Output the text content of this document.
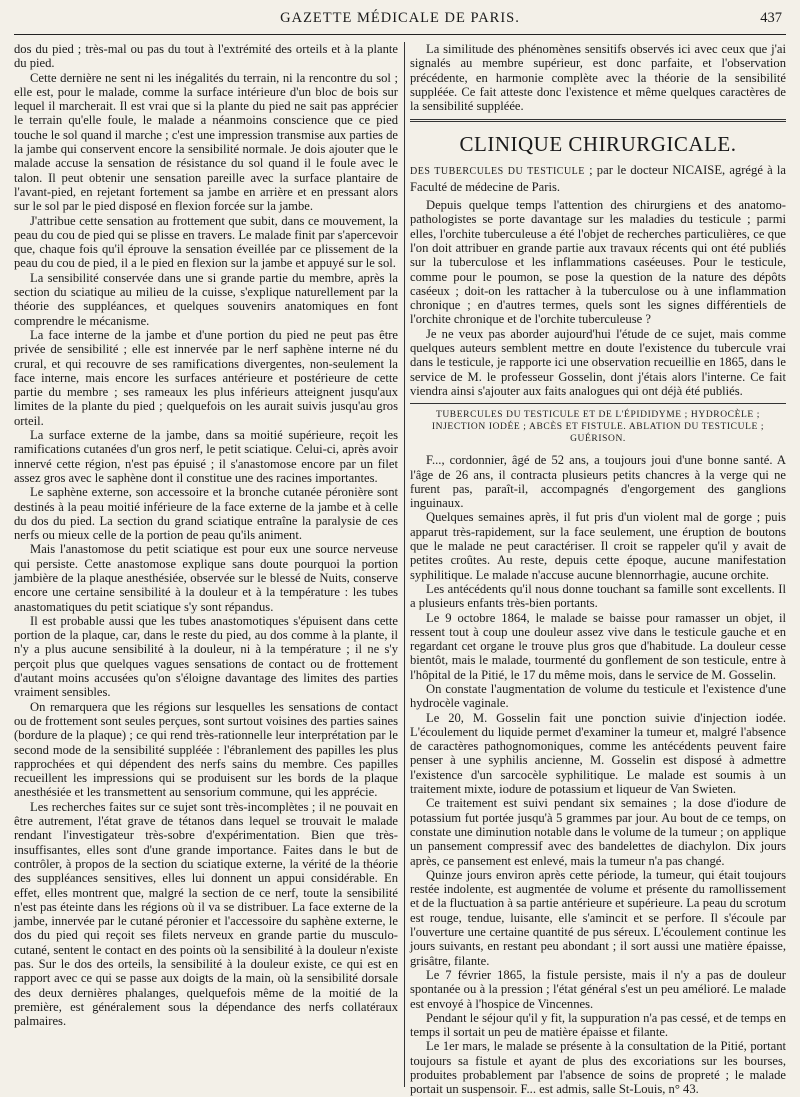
GAZETTE MÉDICALE DE PARIS.	437

dos du pied ; très-mal ou pas du tout à l'extrémité des orteils et à la plante du pied.

Cette dernière ne sent ni les inégalités du terrain, ni la rencontre du sol ; elle est, pour le malade, comme la surface intérieure d'un bloc de bois sur lequel il marcherait. Il est vrai que si la plante du pied ne sait pas apprécier le terrain qu'elle foule, le malade a néanmoins conscience que ce pied touche le sol quand il marche ; c'est une impression transmise aux parties de la jambe qui conservent encore la sensibilité normale. Je dois ajouter que le malade accuse la sensation de résistance du sol quand il le foule avec le talon. Il peut obtenir une sensation pareille avec la surface plantaire de l'avant-pied, en rejetant fortement sa jambe en arrière et en pressant alors sur le sol par le pied disposé en flexion forcée sur la jambe.

J'attribue cette sensation au frottement que subit, dans ce mouvement, la peau du cou de pied qui se plisse en travers. Le malade finit par s'apercevoir que, chaque fois qu'il éprouve la sensation éveillée par ce plissement de la peau du cou de pied, il a le pied en flexion sur la jambe et appuyé sur le sol.

La sensibilité conservée dans une si grande partie du membre, après la section du sciatique au milieu de la cuisse, s'explique naturellement par la théorie des suppléances, et quelques souvenirs anatomiques en font comprendre le mécanisme.

La face interne de la jambe et d'une portion du pied ne peut pas être privée de sensibilité ; elle est innervée par le nerf saphène interne né du crural, et qui recouvre de ses ramifications divergentes, non-seulement la face interne, mais encore les surfaces antérieure et postérieure de cette partie du membre ; ses rameaux les plus inférieurs atteignent jusqu'aux limites de la plante du pied ; quelquefois on les aurait suivis jusqu'au gros orteil.

La surface externe de la jambe, dans sa moitié supérieure, reçoit les ramifications cutanées d'un gros nerf, le petit sciatique. Celui-ci, après avoir innervé cette région, n'est pas épuisé ; il s'anastomose encore par un filet assez gros avec le saphène dont il constitue une des racines importantes.

Le saphène externe, son accessoire et la bronche cutanée péronière sont destinés à la peau moitié inférieure de la face externe de la jambe et à celle du dos du pied. La section du grand sciatique entraîne la paralysie de ces nerfs ou mieux celle de la portion de peau qu'ils animent.

Mais l'anastomose du petit sciatique est pour eux une source nerveuse qui persiste. Cette anastomose explique sans doute pourquoi la portion jambière de la plaque anesthésiée, observée sur le blessé de Nuits, conserve encore une certaine sensibilité à la douleur et à la température : les tubes anastomatiques du petit sciatique s'y sont répandus.

Il est probable aussi que les tubes anastomotiques s'épuisent dans cette portion de la plaque, car, dans le reste du pied, au dos comme à la plante, il n'y a plus aucune sensibilité à la douleur, ni à la température ; il ne s'y perçoit plus que quelques vagues sensations de contact ou de frottement d'autant moins accusées qu'on s'éloigne davantage des limites des parties vraiment sensibles.

On remarquera que les régions sur lesquelles les sensations de contact ou de frottement sont seules perçues, sont surtout voisines des parties saines (bordure de la plaque) ; ce qui rend très-rationnelle leur interprétation par le second mode de la sensibilité suppléée : l'ébranlement des papilles les plus rapprochées et qui dépendent des nerfs sains du membre. Ces papilles recueillent les impressions qui se produisent sur les bords de la plaque anesthésiée et les transmettent au sensorium commune, qui les apprécie.

Les recherches faites sur ce sujet sont très-incomplètes ; il ne pouvait en être autrement, l'état grave de tétanos dans lequel se trouvait le malade rendant l'investigateur très-sobre d'expérimentation. Bien que très-insuffisantes, elles sont d'une grande importance. Faites dans le but de contrôler, à propos de la section du sciatique externe, la vérité de la théorie des suppléances sensitives, elles lui donnent un appui considérable. En effet, elles montrent que, malgré la section de ce nerf, toute la sensibilité n'est pas éteinte dans les régions où il va se distribuer. La face externe de la jambe, innervée par le cutané péronier et l'accessoire du saphène externe, le dos du pied qui reçoit ses filets nerveux en grande partie du musculo-cutané, sentent le contact en des points où la sensibilité à la douleur n'existe pas. Sur le dos des orteils, la sensibilité à la douleur existe, ce qui est en rapport avec ce qui se passe aux doigts de la main, où la sensibilité dorsale des deux dernières phalanges, quelquefois même de la moitié de la première, est généralement sous la dépendance des nerfs collatéraux palmaires.

La similitude des phénomènes sensitifs observés ici avec ceux que j'ai signalés au membre supérieur, est donc parfaite, et l'observation précédente, en harmonie complète avec la théorie de la sensibilité suppléée. Ce fait atteste donc l'existence et même quelques caractères de la sensibilité suppléée.

CLINIQUE CHIRURGICALE.

DES TUBERCULES DU TESTICULE ; par le docteur NICAISE, agrégé à la Faculté de médecine de Paris.

Depuis quelque temps l'attention des chirurgiens et des anatomo-pathologistes se porte davantage sur les maladies du testicule ; parmi elles, l'orchite tuberculeuse a été l'objet de recherches particulières, ce que l'on doit attribuer en grande partie aux travaux récents qui ont été publiés sur la tuberculose et les inflammations caséeuses. Pour le testicule, comme pour le poumon, se pose la question de la nature des dépôts caséeux ; doit-on les rattacher à la tuberculose ou à une inflammation chronique ; en d'autres termes, quels sont les signes différentiels de l'orchite chronique et de l'orchite tuberculeuse ?

Je ne veux pas aborder aujourd'hui l'étude de ce sujet, mais comme quelques auteurs semblent mettre en doute l'existence du tubercule vrai dans le testicule, je rapporte ici une observation recueillie en 1865, dans le service de M. le professeur Gosselin, dont j'étais alors l'interne. Ce fait viendra ainsi s'ajouter aux faits analogues qui ont déjà été publiés.

TUBERCULES DU TESTICULE ET DE L'ÉPIDIDYME ; HYDROCÈLE ; INJECTION IODÉE ; ABCÈS ET FISTULE. ABLATION DU TESTICULE ; GUÉRISON.

F..., cordonnier, âgé de 52 ans, a toujours joui d'une bonne santé. A l'âge de 26 ans, il contracta plusieurs petits chancres à la verge qui ne furent pas, paraît-il, accompagnés d'engorgement des ganglions inguinaux.

Quelques semaines après, il fut pris d'un violent mal de gorge ; puis apparut très-rapidement, sur la face seulement, une éruption de boutons que le malade ne peut caractériser. Il croit se rappeler qu'il y avait de petites croûtes. Au reste, depuis cette époque, aucune manifestation syphilitique. Le malade n'accuse aucune blennorrhagie, aucune orchite.

Les antécédents qu'il nous donne touchant sa famille sont excellents. Il a plusieurs enfants très-bien portants.

Le 9 octobre 1864, le malade se baisse pour ramasser un objet, il ressent tout à coup une douleur assez vive dans le testicule gauche et en regardant cet organe le trouve plus gros que d'habitude. La douleur cesse bientôt, mais le malade, tourmenté du gonflement de son testicule, entre à l'hôpital de la Pitié, le 17 du même mois, dans le service de M. Gosselin.

On constate l'augmentation de volume du testicule et l'existence d'une hydrocèle vaginale.

Le 20, M. Gosselin fait une ponction suivie d'injection iodée. L'écoulement du liquide permet d'examiner la tumeur et, malgré l'absence de caractères pathognomoniques, comme les antécédents peuvent faire penser à une syphilis ancienne, M. Gosselin est disposé à admettre l'existence d'un sarcocèle syphilitique. Le malade est soumis à un traitement mixte, iodure de potassium et liqueur de Van Swieten.

Ce traitement est suivi pendant six semaines ; la dose d'iodure de potassium fut portée jusqu'à 5 grammes par jour. Au bout de ce temps, on constate une diminution notable dans le volume de la tumeur ; on applique un pansement compressif avec des bandelettes de diachylon. Dix jours après, ce pansement est enlevé, mais la tumeur n'a pas changé.

Quinze jours environ après cette période, la tumeur, qui était toujours restée indolente, est augmentée de volume et présente du ramollissement et de la fluctuation à sa partie antérieure et supérieure. La peau du scrotum est rouge, tendue, luisante, elle s'amincit et se perfore. Il s'écoule par l'ouverture une certaine quantité de pus séreux. L'écoulement continue les jours suivants, en restant peu abondant ; il sort aussi une matière épaisse, grisâtre, filante.

Le 7 février 1865, la fistule persiste, mais il n'y a pas de douleur spontanée ou à la pression ; l'état général s'est un peu amélioré. Le malade est envoyé à l'hospice de Vincennes.

Pendant le séjour qu'il y fit, la suppuration n'a pas cessé, et de temps en temps il sortait un peu de matière épaisse et filante.

Le 1er mars, le malade se présente à la consultation de la Pitié, portant toujours sa fistule et ayant de plus des excoriations sur les bourses, produites probablement par l'absence de soins de propreté ; le malade portait un suspensoir. F... est admis, salle St-Louis, n° 43.
